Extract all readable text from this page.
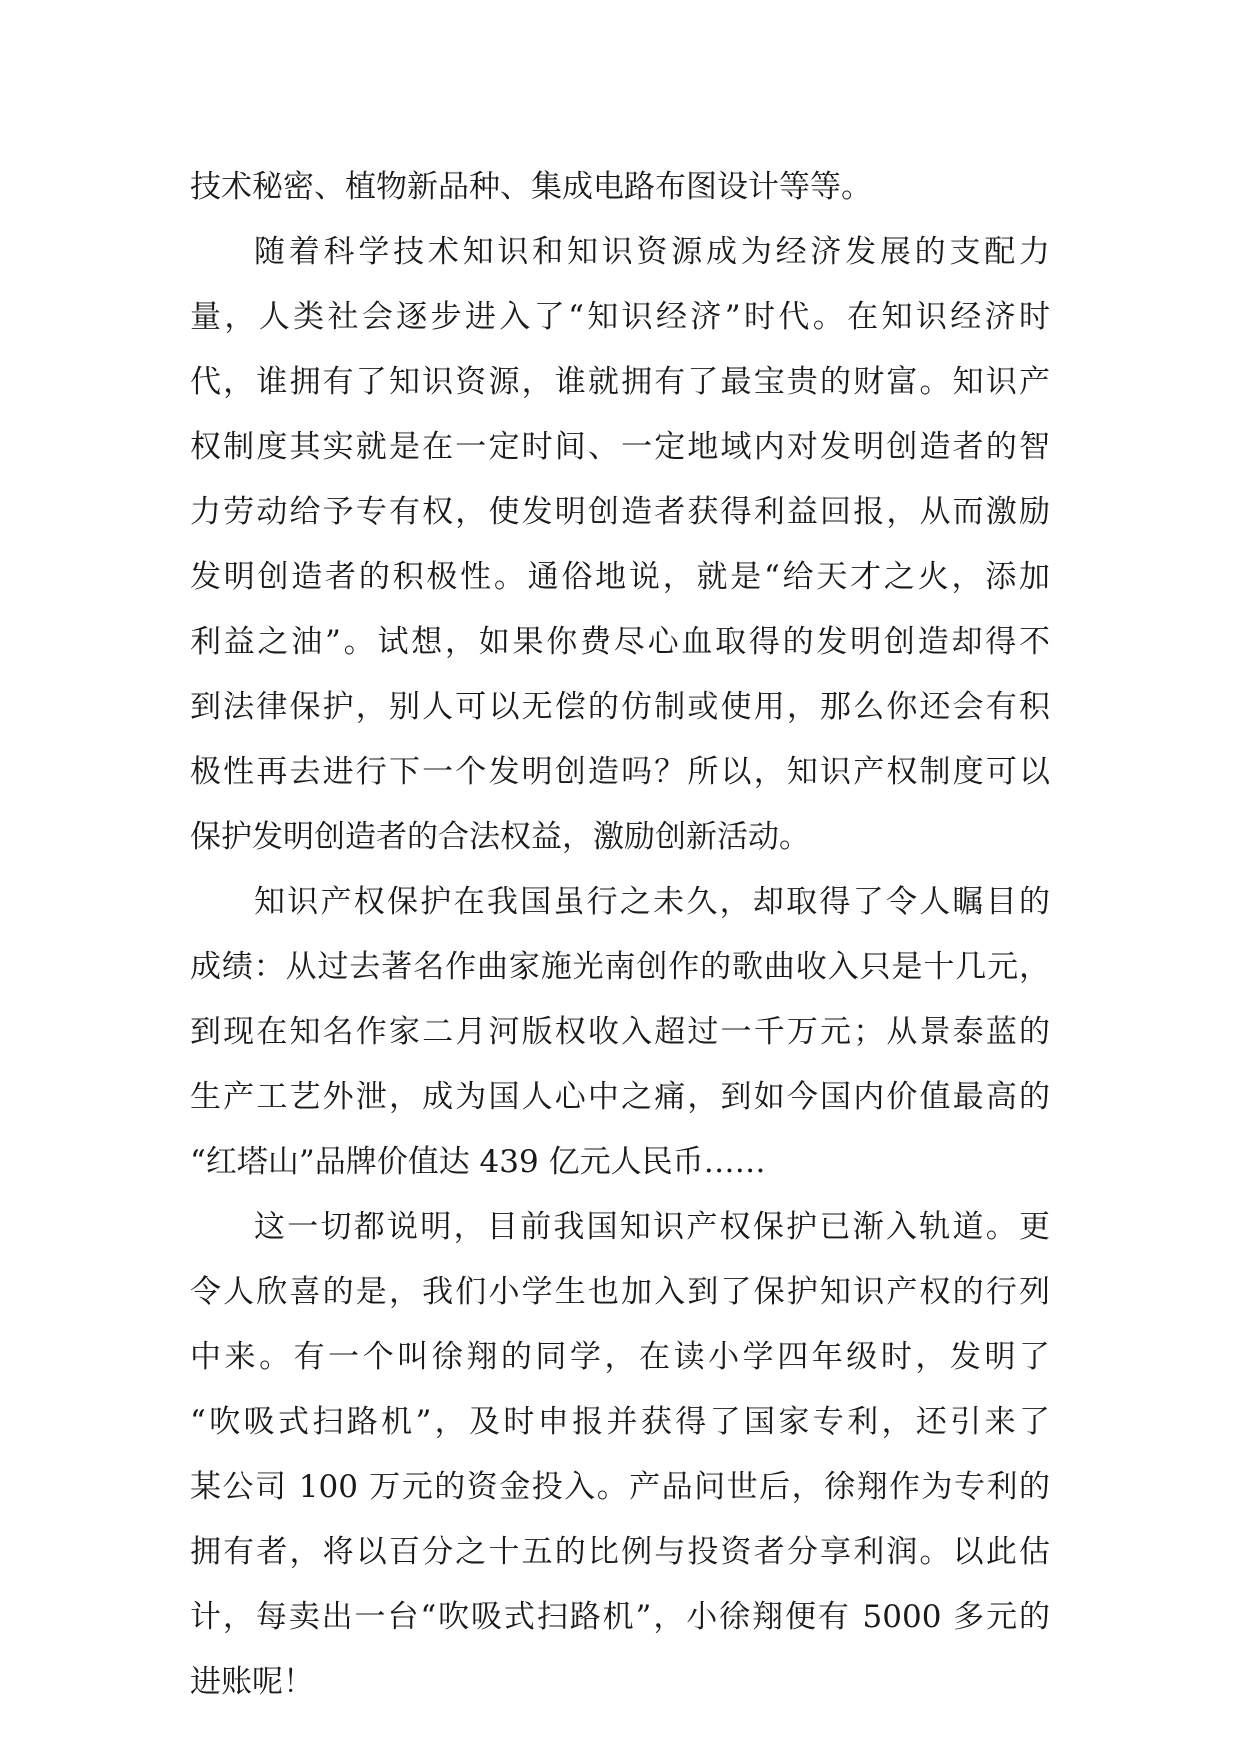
技术秘密、植物新品种、集成电路布图设计等等。
随着科学技术知识和知识资源成为经济发展的支配力
量，人类社会逐步进入了“知识经济”时代。在知识经济时
代，谁拥有了知识资源，谁就拥有了最宝贵的财富。知识产
权制度其实就是在一定时间、一定地域内对发明创造者的智
力劳动给予专有权，使发明创造者获得利益回报，从而激励
发明创造者的积极性。通俗地说，就是“给天才之火，添加
利益之油”。试想，如果你费尽心血取得的发明创造却得不
到法律保护，别人可以无偿的仿制或使用，那么你还会有积
极性再去进行下一个发明创造吗？所以，知识产权制度可以
保护发明创造者的合法权益，激励创新活动。
知识产权保护在我国虽行之未久，却取得了令人瞩目的
成绩：从过去著名作曲家施光南创作的歌曲收入只是十几元，
到现在知名作家二月河版权收入超过一千万元；从景泰蓝的
生产工艺外泄，成为国人心中之痛，到如今国内价值最高的
“红塔山”品牌价值达 439 亿元人民币……
这一切都说明，目前我国知识产权保护已渐入轨道。更
令人欣喜的是，我们小学生也加入到了保护知识产权的行列
中来。有一个叫徐翔的同学，在读小学四年级时，发明了
“吹吸式扫路机”，及时申报并获得了国家专利，还引来了
某公司 100 万元的资金投入。产品问世后，徐翔作为专利的
拥有者，将以百分之十五的比例与投资者分享利润。以此估
计，每卖出一台“吹吸式扫路机”，小徐翔便有 5000 多元的
进账呢！
